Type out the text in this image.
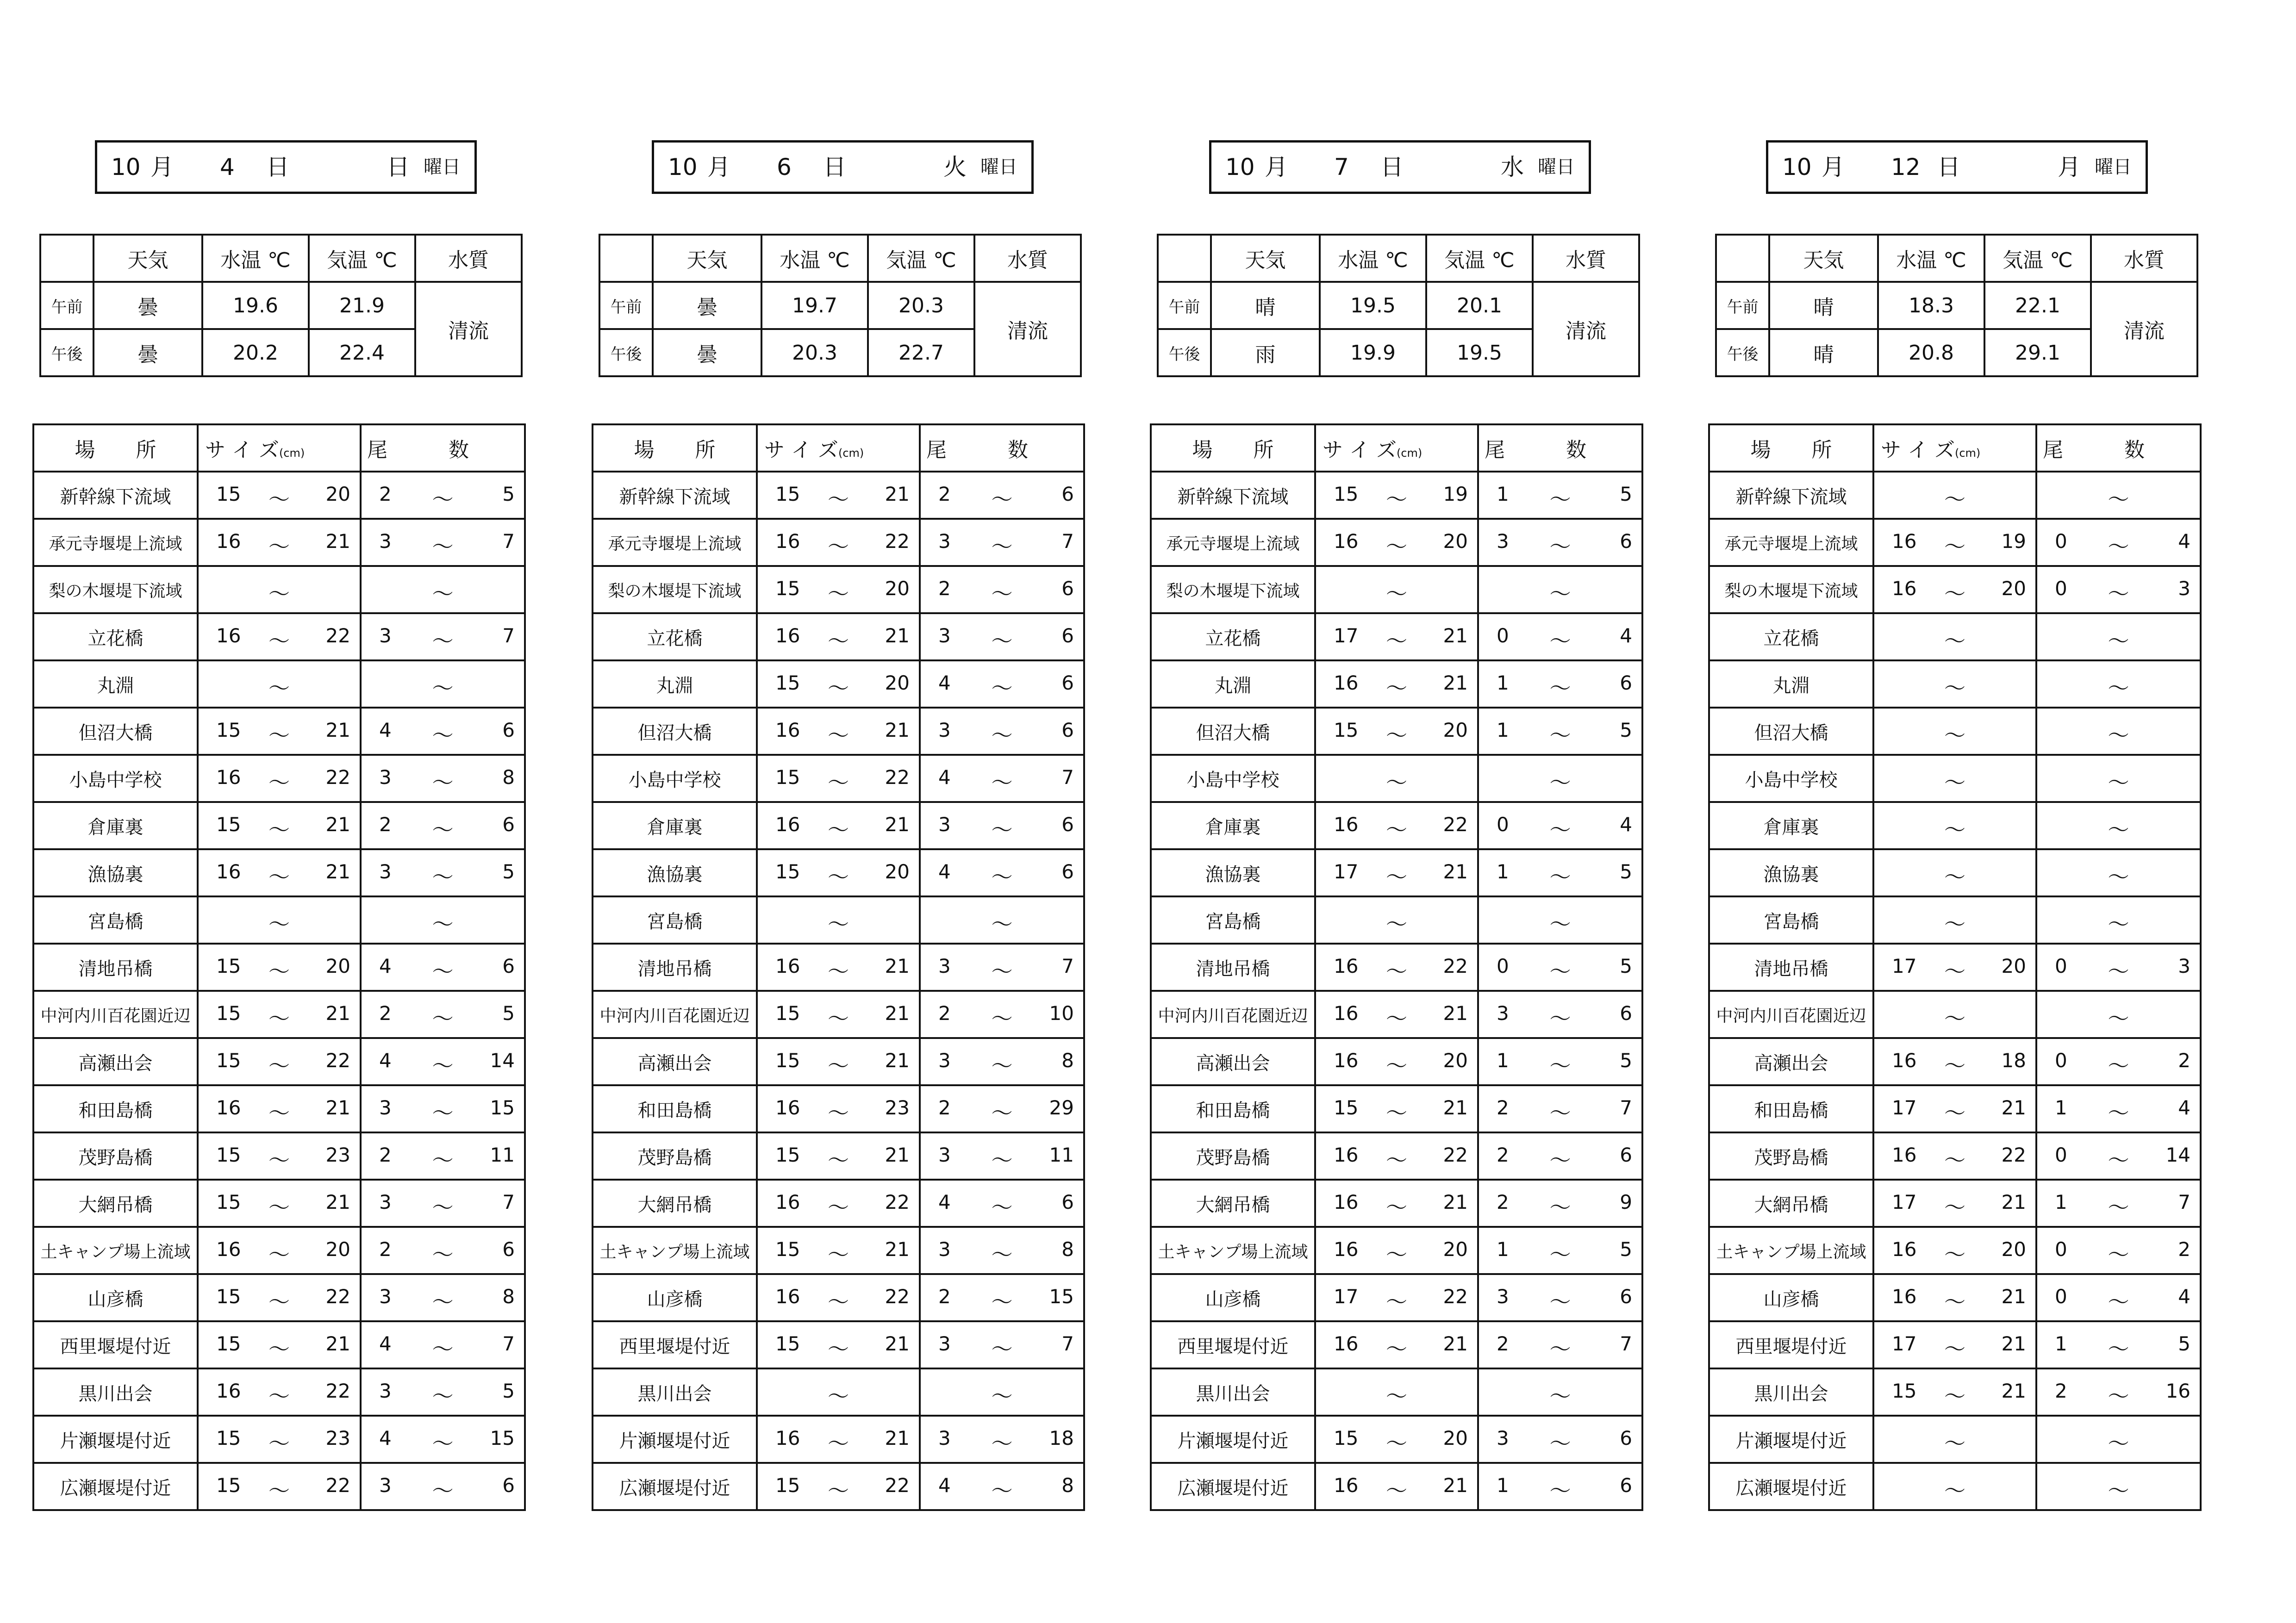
10 月 4 日	日 曜日
	天気	水温 ℃	気温 ℃	水質
午前	曇	19.6	21.9	清流
午後	曇	20.2	22.4	
場　　所	サ イ ズ(cm)	尾　　　数
新幹線下流域	15 〜 20	2 〜 5

承元寺堰堤上流域	16 〜 21	3 〜 7

梨の木堰堤下流域	〜	〜

立花橋	16 〜 22	3 〜 7

丸淵	〜	〜

但沼大橋	15 〜 21	4 〜 6

小島中学校	16 〜 22	3 〜 8

倉庫裏	15 〜 21	2 〜 6

漁協裏	16 〜 21	3 〜 5

宮島橋	〜	〜

清地吊橋	15 〜 20	4 〜 6

中河内川百花園近辺	15 〜 21	2 〜 5

高瀬出会	15 〜 22	4 〜 14

和田島橋	16 〜 21	3 〜 15

茂野島橋	15 〜 23	2 〜 11

大網吊橋	15 〜 21	3 〜 7

土キャンプ場上流域	16 〜 20	2 〜 6

山彦橋	15 〜 22	3 〜 8

西里堰堤付近	15 〜 21	4 〜 7

黒川出会	16 〜 22	3 〜 5

片瀬堰堤付近	15 〜 23	4 〜 15

広瀬堰堤付近	15 〜 22	3 〜 6
10 月 6 日	火 曜日
	天気	水温 ℃	気温 ℃	水質
午前	曇	19.7	20.3	清流
午後	曇	20.3	22.7	
場　　所	サ イ ズ(cm)	尾　　　数
新幹線下流域	15 〜 21	2 〜 6

承元寺堰堤上流域	16 〜 22	3 〜 7

梨の木堰堤下流域	15 〜 20	2 〜 6

立花橋	16 〜 21	3 〜 6

丸淵	15 〜 20	4 〜 6

但沼大橋	16 〜 21	3 〜 6

小島中学校	15 〜 22	4 〜 7

倉庫裏	16 〜 21	3 〜 6

漁協裏	15 〜 20	4 〜 6

宮島橋	〜	〜

清地吊橋	16 〜 21	3 〜 7

中河内川百花園近辺	15 〜 21	2 〜 10

高瀬出会	15 〜 21	3 〜 8

和田島橋	16 〜 23	2 〜 29

茂野島橋	15 〜 21	3 〜 11

大網吊橋	16 〜 22	4 〜 6

土キャンプ場上流域	15 〜 21	3 〜 8

山彦橋	16 〜 22	2 〜 15

西里堰堤付近	15 〜 21	3 〜 7

黒川出会	〜	〜

片瀬堰堤付近	16 〜 21	3 〜 18

広瀬堰堤付近	15 〜 22	4 〜 8
10 月 7 日	水 曜日
	天気	水温 ℃	気温 ℃	水質
午前	晴	19.5	20.1	清流
午後	雨	19.9	19.5	
場　　所	サ イ ズ(cm)	尾　　　数
新幹線下流域	15 〜 19	1 〜 5

承元寺堰堤上流域	16 〜 20	3 〜 6

梨の木堰堤下流域	〜	〜

立花橋	17 〜 21	0 〜 4

丸淵	16 〜 21	1 〜 6

但沼大橋	15 〜 20	1 〜 5

小島中学校	〜	〜

倉庫裏	16 〜 22	0 〜 4

漁協裏	17 〜 21	1 〜 5

宮島橋	〜	〜

清地吊橋	16 〜 22	0 〜 5

中河内川百花園近辺	16 〜 21	3 〜 6

高瀬出会	16 〜 20	1 〜 5

和田島橋	15 〜 21	2 〜 7

茂野島橋	16 〜 22	2 〜 6

大網吊橋	16 〜 21	2 〜 9

土キャンプ場上流域	16 〜 20	1 〜 5

山彦橋	17 〜 22	3 〜 6

西里堰堤付近	16 〜 21	2 〜 7

黒川出会	〜	〜

片瀬堰堤付近	15 〜 20	3 〜 6

広瀬堰堤付近	16 〜 21	1 〜 6
10 月 12 日	月 曜日
	天気	水温 ℃	気温 ℃	水質
午前	晴	18.3	22.1	清流
午後	晴	20.8	29.1	
場　　所	サ イ ズ(cm)	尾　　　数
新幹線下流域	〜	〜

承元寺堰堤上流域	16 〜 19	0 〜 4

梨の木堰堤下流域	16 〜 20	0 〜 3

立花橋	〜	〜

丸淵	〜	〜

但沼大橋	〜	〜

小島中学校	〜	〜

倉庫裏	〜	〜

漁協裏	〜	〜

宮島橋	〜	〜

清地吊橋	17 〜 20	0 〜 3

中河内川百花園近辺	〜	〜

高瀬出会	16 〜 18	0 〜 2

和田島橋	17 〜 21	1 〜 4

茂野島橋	16 〜 22	0 〜 14

大網吊橋	17 〜 21	1 〜 7

土キャンプ場上流域	16 〜 20	0 〜 2

山彦橋	16 〜 21	0 〜 4

西里堰堤付近	17 〜 21	1 〜 5

黒川出会	15 〜 21	2 〜 16

片瀬堰堤付近	〜	〜

広瀬堰堤付近	〜	〜
